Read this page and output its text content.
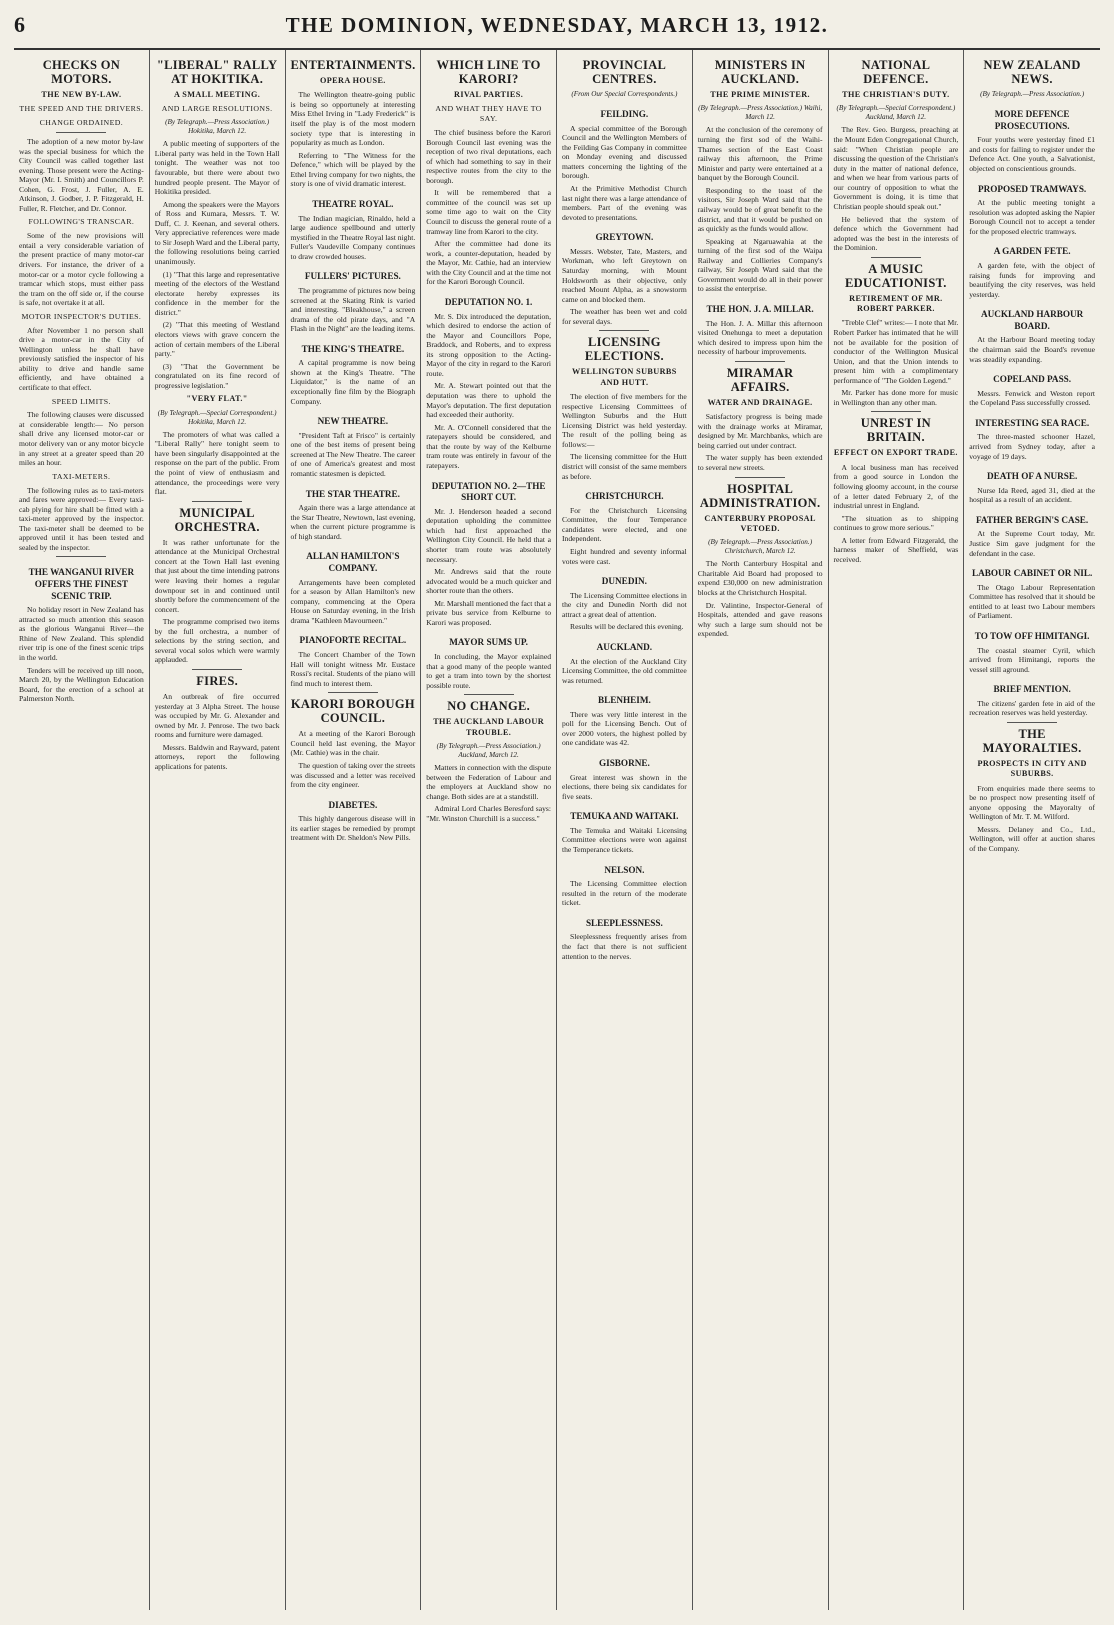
6	THE DOMINION, WEDNESDAY, MARCH 13, 1912.
CHECKS ON MOTORS.
THE NEW BY-LAW.
THE SPEED AND THE DRIVERS.
CHANGE ORDAINED.

The adoption of a new motor by-law was the special business for which the City Council was called together last evening. Those present were the Acting-Mayor (Mr. I. Smith) and Councillors P. Cohen, G. Frost, J. Fuller, A. E. Atkinson, J. Godber, J. P. Fitzgerald, H. Fuller, R. Fletcher, and Dr. Connor.

FOLLOWING'S TRANSCAR.

Some of the new provisions will entail a very considerable variation of the present practice of many motor-car drivers. For instance, the driver of a motor-car or a motor cycle following a tramcar which stops, must either pass the tram on the off side or, if the course is safe, not overtake it at all.

MOTOR INSPECTOR'S DUTIES.

After November 1 no person shall drive a motor-car in the City of Wellington unless he shall have previously satisfied the inspector of his ability to drive and handle same efficiently, and have obtained a certificate to that effect.

SPEED LIMITS.

The following clauses were discussed at considerable length:— No person shall drive any licensed motor-car or motor delivery van or any motor bicycle in any street at a greater speed than 20 miles an hour.

TAXI-METERS.

The following rules as to taxi-meters and fares were approved:— Every taxi-cab plying for hire shall be fitted with a taxi-meter approved by the inspector. The taxi-meter shall be deemed to be approved until it has been tested and sealed by the inspector.

THE WANGANUI RIVER OFFERS THE FINEST SCENIC TRIP.

No holiday resort in New Zealand has attracted so much attention this season as the glorious Wanganui River—the Rhine of New Zealand. This splendid river trip is one of the finest scenic trips in the world.

Tenders will be received up till noon, March 20, by the Wellington Education Board, for the erection of a school at Palmerston North.

"LIBERAL" RALLY AT HOKITIKA.
A SMALL MEETING.
AND LARGE RESOLUTIONS.
(By Telegraph.—Press Association.) Hokitika, March 12.

A public meeting of supporters of the Liberal party was held in the Town Hall tonight. The weather was not too favourable, but there were about two hundred people present. The Mayor of Hokitika presided.

Among the speakers were the Mayors of Ross and Kumara, Messrs. T. W. Duff, C. J. Keenan, and several others. Very appreciative references were made to Sir Joseph Ward and the Liberal party, the following resolutions being carried unanimously.

(1) "That this large and representative meeting of the electors of the Westland electorate hereby expresses its confidence in the member for the district."

(2) "That this meeting of Westland electors views with grave concern the action of certain members of the Liberal party."

(3) "That the Government be congratulated on its fine record of progressive legislation."

"VERY FLAT."
(By Telegraph.—Special Correspondent.) Hokitika, March 12.

The promoters of what was called a "Liberal Rally" here tonight seem to have been singularly disappointed at the response on the part of the public. From the point of view of enthusiasm and attendance, the proceedings were very flat.

MUNICIPAL ORCHESTRA.

It was rather unfortunate for the attendance at the Municipal Orchestral concert at the Town Hall last evening that just about the time intending patrons were leaving their homes a regular downpour set in and continued until shortly before the commencement of the concert.

The programme comprised two items by the full orchestra, a number of selections by the string section, and several vocal solos which were warmly applauded.

FIRES.

An outbreak of fire occurred yesterday at 3 Alpha Street. The house was occupied by Mr. G. Alexander and owned by Mr. J. Penrose. The two back rooms and furniture were damaged.

Messrs. Baldwin and Rayward, patent attorneys, report the following applications for patents.

ENTERTAINMENTS.
OPERA HOUSE.

The Wellington theatre-going public is being so opportunely at interesting Miss Ethel Irving in "Lady Frederick" is itself the play is of the most modern society type that is interesting in popularity as much as London.

Referring to "The Witness for the Defence," which will be played by the Ethel Irving company for two nights, the story is one of vivid dramatic interest.

THEATRE ROYAL.

The Indian magician, Rinaldo, held a large audience spellbound and utterly mystified in the Theatre Royal last night. Fuller's Vaudeville Company continues to draw crowded houses.

FULLERS' PICTURES.

The programme of pictures now being screened at the Skating Rink is varied and interesting. "Bleakhouse," a screen drama of the old pirate days, and "A Flash in the Night" are the leading items.

THE KING'S THEATRE.

A capital programme is now being shown at the King's Theatre. "The Liquidator," is the name of an exceptionally fine film by the Biograph Company.

NEW THEATRE.

"President Taft at Frisco" is certainly one of the best items of present being screened at The New Theatre. The career of one of America's greatest and most romantic statesmen is depicted.

THE STAR THEATRE.

Again there was a large attendance at the Star Theatre, Newtown, last evening, when the current picture programme is of high standard.

ALLAN HAMILTON'S COMPANY.

Arrangements have been completed for a season by Allan Hamilton's new company, commencing at the Opera House on Saturday evening, in the Irish drama "Kathleen Mavourneen."

PIANOFORTE RECITAL.

The Concert Chamber of the Town Hall will tonight witness Mr. Eustace Rossi's recital. Students of the piano will find much to interest them.

KARORI BOROUGH COUNCIL.

At a meeting of the Karori Borough Council held last evening, the Mayor (Mr. Cathie) was in the chair.

The question of taking over the streets was discussed and a letter was received from the city engineer.

DIABETES.

This highly dangerous disease will in its earlier stages be remedied by prompt treatment with Dr. Sheldon's New Pills.

WHICH LINE TO KARORI?
RIVAL PARTIES.
AND WHAT THEY HAVE TO SAY.

The chief business before the Karori Borough Council last evening was the reception of two rival deputations, each of which had something to say in their respective routes from the city to the borough.

It will be remembered that a committee of the council was set up some time ago to wait on the City Council to discuss the general route of a tramway line from Karori to the city.

After the committee had done its work, a counter-deputation, headed by the Mayor, Mr. Cathie, had an interview with the City Council and at the time not for the Karori Borough Council.

DEPUTATION NO. 1.

Mr. S. Dix introduced the deputation, which desired to endorse the action of the Mayor and Councillors Pope, Braddock, and Roberts, and to express its strong opposition to the Acting-Mayor of the city in regard to the Karori route.

Mr. A. Stewart pointed out that the deputation was there to uphold the Mayor's deputation. The first deputation had exceeded their authority.

Mr. A. O'Connell considered that the ratepayers should be considered, and that the route by way of the Kelburne tram route was entirely in favour of the ratepayers.

DEPUTATION NO. 2—THE SHORT CUT.

Mr. J. Henderson headed a second deputation upholding the committee which had first approached the Wellington City Council. He held that a shorter tram route was absolutely necessary.

Mr. Andrews said that the route advocated would be a much quicker and shorter route than the others.

Mr. Marshall mentioned the fact that a private bus service from Kelburne to Karori was proposed.

MAYOR SUMS UP.

In concluding, the Mayor explained that a good many of the people wanted to get a tram into town by the shortest possible route.

NO CHANGE.
THE AUCKLAND LABOUR TROUBLE.
(By Telegraph.—Press Association.) Auckland, March 12.

Matters in connection with the dispute between the Federation of Labour and the employers at Auckland show no change. Both sides are at a standstill.

Admiral Lord Charles Beresford says: "Mr. Winston Churchill is a success."

PROVINCIAL CENTRES.
(From Our Special Correspondents.)
FEILDING.

A special committee of the Borough Council and the Wellington Members of the Feilding Gas Company in committee on Monday evening and discussed matters concerning the lighting of the borough.

At the Primitive Methodist Church last night there was a large attendance of members. Part of the evening was devoted to presentations.

GREYTOWN.

Messrs. Webster, Tate, Masters, and Workman, who left Greytown on Saturday morning, with Mount Holdsworth as their objective, only reached Mount Alpha, as a snowstorm came on and blocked them.

The weather has been wet and cold for several days.

LICENSING ELECTIONS.
WELLINGTON SUBURBS AND HUTT.

The election of five members for the respective Licensing Committees of Wellington Suburbs and the Hutt Licensing District was held yesterday. The result of the polling being as follows:—

The licensing committee for the Hutt district will consist of the same members as before.

CHRISTCHURCH.

For the Christchurch Licensing Committee, the four Temperance candidates were elected, and one Independent.

Eight hundred and seventy informal votes were cast.

DUNEDIN.

The Licensing Committee elections in the city and Dunedin North did not attract a great deal of attention.

Results will be declared this evening.

AUCKLAND.

At the election of the Auckland City Licensing Committee, the old committee was returned.

BLENHEIM.

There was very little interest in the poll for the Licensing Bench. Out of over 2000 voters, the highest polled by one candidate was 42.

GISBORNE.

Great interest was shown in the elections, there being six candidates for five seats.

TEMUKA AND WAITAKI.

The Temuka and Waitaki Licensing Committee elections were won against the Temperance tickets.

NELSON.

The Licensing Committee election resulted in the return of the moderate ticket.

SLEEPLESSNESS.

Sleeplessness frequently arises from the fact that there is not sufficient attention to the nerves.

MINISTERS IN AUCKLAND.
THE PRIME MINISTER.
(By Telegraph.—Press Association.) Waihi, March 12.

At the conclusion of the ceremony of turning the first sod of the Waihi-Thames section of the East Coast railway this afternoon, the Prime Minister and party were entertained at a banquet by the Borough Council.

Responding to the toast of the visitors, Sir Joseph Ward said that the railway would be of great benefit to the district, and that it would be pushed on as quickly as the funds would allow.

Speaking at Ngaruawahia at the turning of the first sod of the Waipa Railway and Collieries Company's railway, Sir Joseph Ward said that the Government would do all in their power to assist the enterprise.

THE HON. J. A. MILLAR.

The Hon. J. A. Millar this afternoon visited Onehunga to meet a deputation which desired to impress upon him the necessity of harbour improvements.

MIRAMAR AFFAIRS.
WATER AND DRAINAGE.

Satisfactory progress is being made with the drainage works at Miramar, designed by Mr. Marchbanks, which are being carried out under contract.

The water supply has been extended to several new streets.

HOSPITAL ADMINISTRATION.
CANTERBURY PROPOSAL VETOED.
(By Telegraph.—Press Association.) Christchurch, March 12.

The North Canterbury Hospital and Charitable Aid Board had proposed to expend £30,000 on new administration blocks at the Christchurch Hospital.

Dr. Valintine, Inspector-General of Hospitals, attended and gave reasons why such a large sum should not be expended.

NATIONAL DEFENCE.
THE CHRISTIAN'S DUTY.
(By Telegraph.—Special Correspondent.) Auckland, March 12.

The Rev. Geo. Burgess, preaching at the Mount Eden Congregational Church, said: "When Christian people are discussing the question of the Christian's duty in the matter of national defence, and when we hear from various parts of our country of opposition to what the Government is doing, it is time that Christian people should speak out."

He believed that the system of defence which the Government had adopted was the best in the interests of the Dominion.

A MUSIC EDUCATIONIST.
RETIREMENT OF MR. ROBERT PARKER.

"Treble Clef" writes:— I note that Mr. Robert Parker has intimated that he will not be available for the position of conductor of the Wellington Musical Union, and that the Union intends to present him with a complimentary performance of "The Golden Legend."

Mr. Parker has done more for music in Wellington than any other man.

UNREST IN BRITAIN.
EFFECT ON EXPORT TRADE.

A local business man has received from a good source in London the following gloomy account, in the course of a letter dated February 2, of the industrial unrest in England.

"The situation as to shipping continues to grow more serious."

A letter from Edward Fitzgerald, the harness maker of Sheffield, was received.

NEW ZEALAND NEWS.
(By Telegraph.—Press Association.)
MORE DEFENCE PROSECUTIONS.

Four youths were yesterday fined £1 and costs for failing to register under the Defence Act. One youth, a Salvationist, objected on conscientious grounds.

PROPOSED TRAMWAYS.

At the public meeting tonight a resolution was adopted asking the Napier Borough Council not to accept a tender for the proposed electric tramways.

A GARDEN FETE.

A garden fete, with the object of raising funds for improving and beautifying the city reserves, was held yesterday.

AUCKLAND HARBOUR BOARD.

At the Harbour Board meeting today the chairman said the Board's revenue was steadily expanding.

COPELAND PASS.

Messrs. Fenwick and Weston report the Copeland Pass successfully crossed.

INTERESTING SEA RACE.

The three-masted schooner Hazel, arrived from Sydney today, after a voyage of 19 days.

DEATH OF A NURSE.

Nurse Ida Reed, aged 31, died at the hospital as a result of an accident.

FATHER BERGIN'S CASE.

At the Supreme Court today, Mr. Justice Sim gave judgment for the defendant in the case.

LABOUR CABINET OR NIL.

The Otago Labour Representation Committee has resolved that it should be entitled to at least two Labour members of Parliament.

TO TOW OFF HIMITANGI.

The coastal steamer Cyril, which arrived from Himitangi, reports the vessel still aground.

BRIEF MENTION.

The citizens' garden fete in aid of the recreation reserves was held yesterday.

THE MAYORALTIES.
PROSPECTS IN CITY AND SUBURBS.

From enquiries made there seems to be no prospect now presenting itself of anyone opposing the Mayoralty of Wellington of Mr. T. M. Wilford.

Messrs. Delaney and Co., Ltd., Wellington, will offer at auction shares of the Company.
